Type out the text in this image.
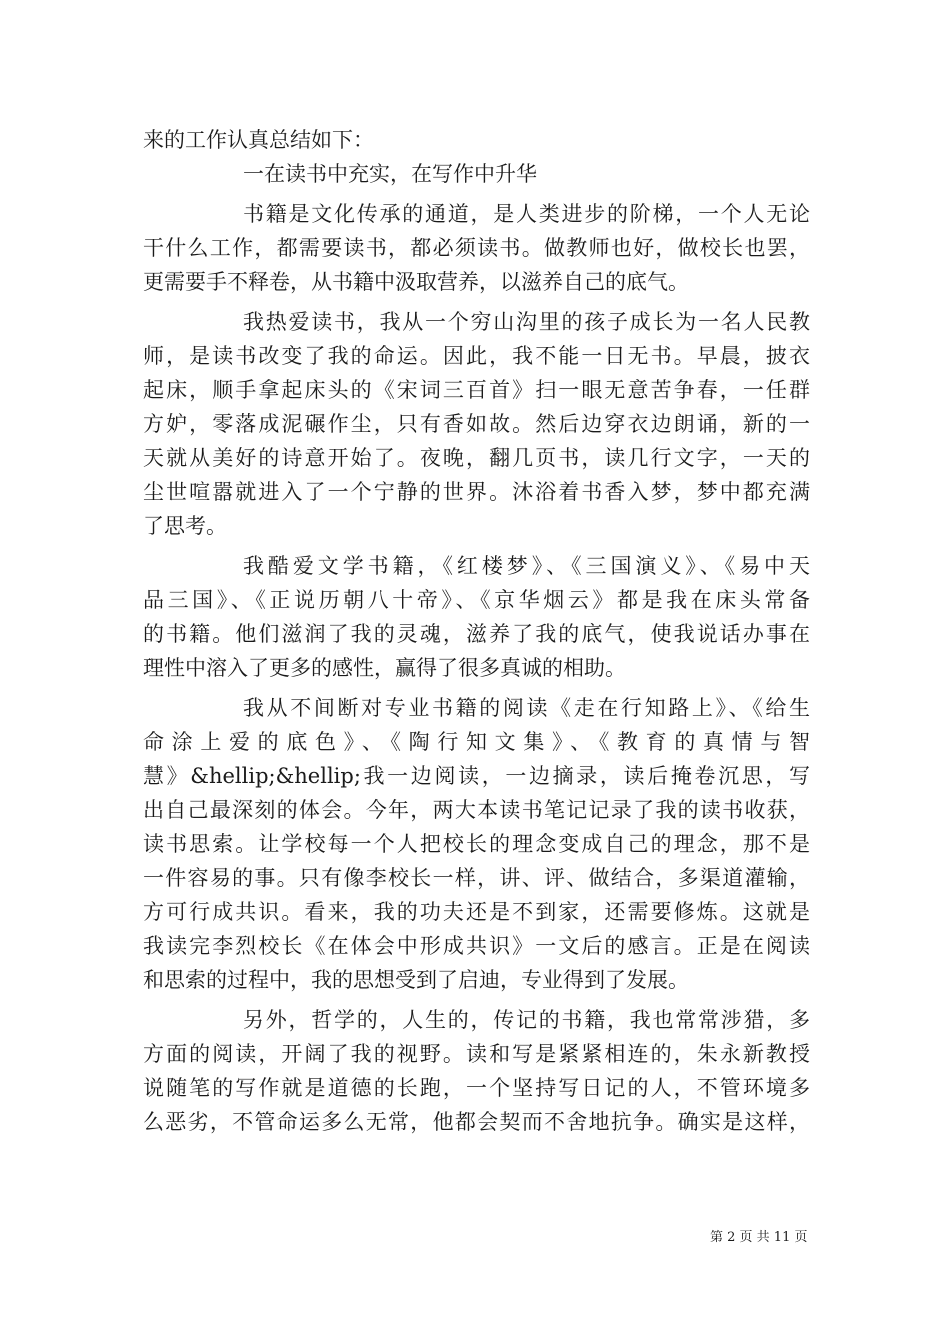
来的工作认真总结如下：
一在读书中充实，在写作中升华
书籍是文化传承的通道，是人类进步的阶梯，一个人无论
干什么工作，都需要读书，都必须读书。做教师也好，做校长也罢，
更需要手不释卷，从书籍中汲取营养，以滋养自己的底气。
我热爱读书，我从一个穷山沟里的孩子成长为一名人民教
师，是读书改变了我的命运。因此，我不能一日无书。早晨，披衣
起床，顺手拿起床头的《宋词三百首》扫一眼无意苦争春，一任群
方妒，零落成泥碾作尘，只有香如故。然后边穿衣边朗诵，新的一
天就从美好的诗意开始了。夜晚，翻几页书，读几行文字，一天的
尘世喧嚣就进入了一个宁静的世界。沐浴着书香入梦，梦中都充满
了思考。
我酷爱文学书籍，《红楼梦》、《三国演义》、《易中天
品三国》、《正说历朝八十帝》、《京华烟云》都是我在床头常备
的书籍。他们滋润了我的灵魂，滋养了我的底气，使我说话办事在
理性中溶入了更多的感性，赢得了很多真诚的相助。
我从不间断对专业书籍的阅读《走在行知路上》、《给生
命涂上爱的底色》、《陶行知文集》、《教育的真情与智
慧》&hellip;&hellip;我一边阅读，一边摘录，读后掩卷沉思，写
出自己最深刻的体会。今年，两大本读书笔记记录了我的读书收获，
读书思索。让学校每一个人把校长的理念变成自己的理念，那不是
一件容易的事。只有像李校长一样，讲、评、做结合，多渠道灌输，
方可行成共识。看来，我的功夫还是不到家，还需要修炼。这就是
我读完李烈校长《在体会中形成共识》一文后的感言。正是在阅读
和思索的过程中，我的思想受到了启迪，专业得到了发展。
另外，哲学的，人生的，传记的书籍，我也常常涉猎，多
方面的阅读，开阔了我的视野。读和写是紧紧相连的，朱永新教授
说随笔的写作就是道德的长跑，一个坚持写日记的人，不管环境多
么恶劣，不管命运多么无常，他都会契而不舍地抗争。确实是这样，
第 2 页 共 11 页
